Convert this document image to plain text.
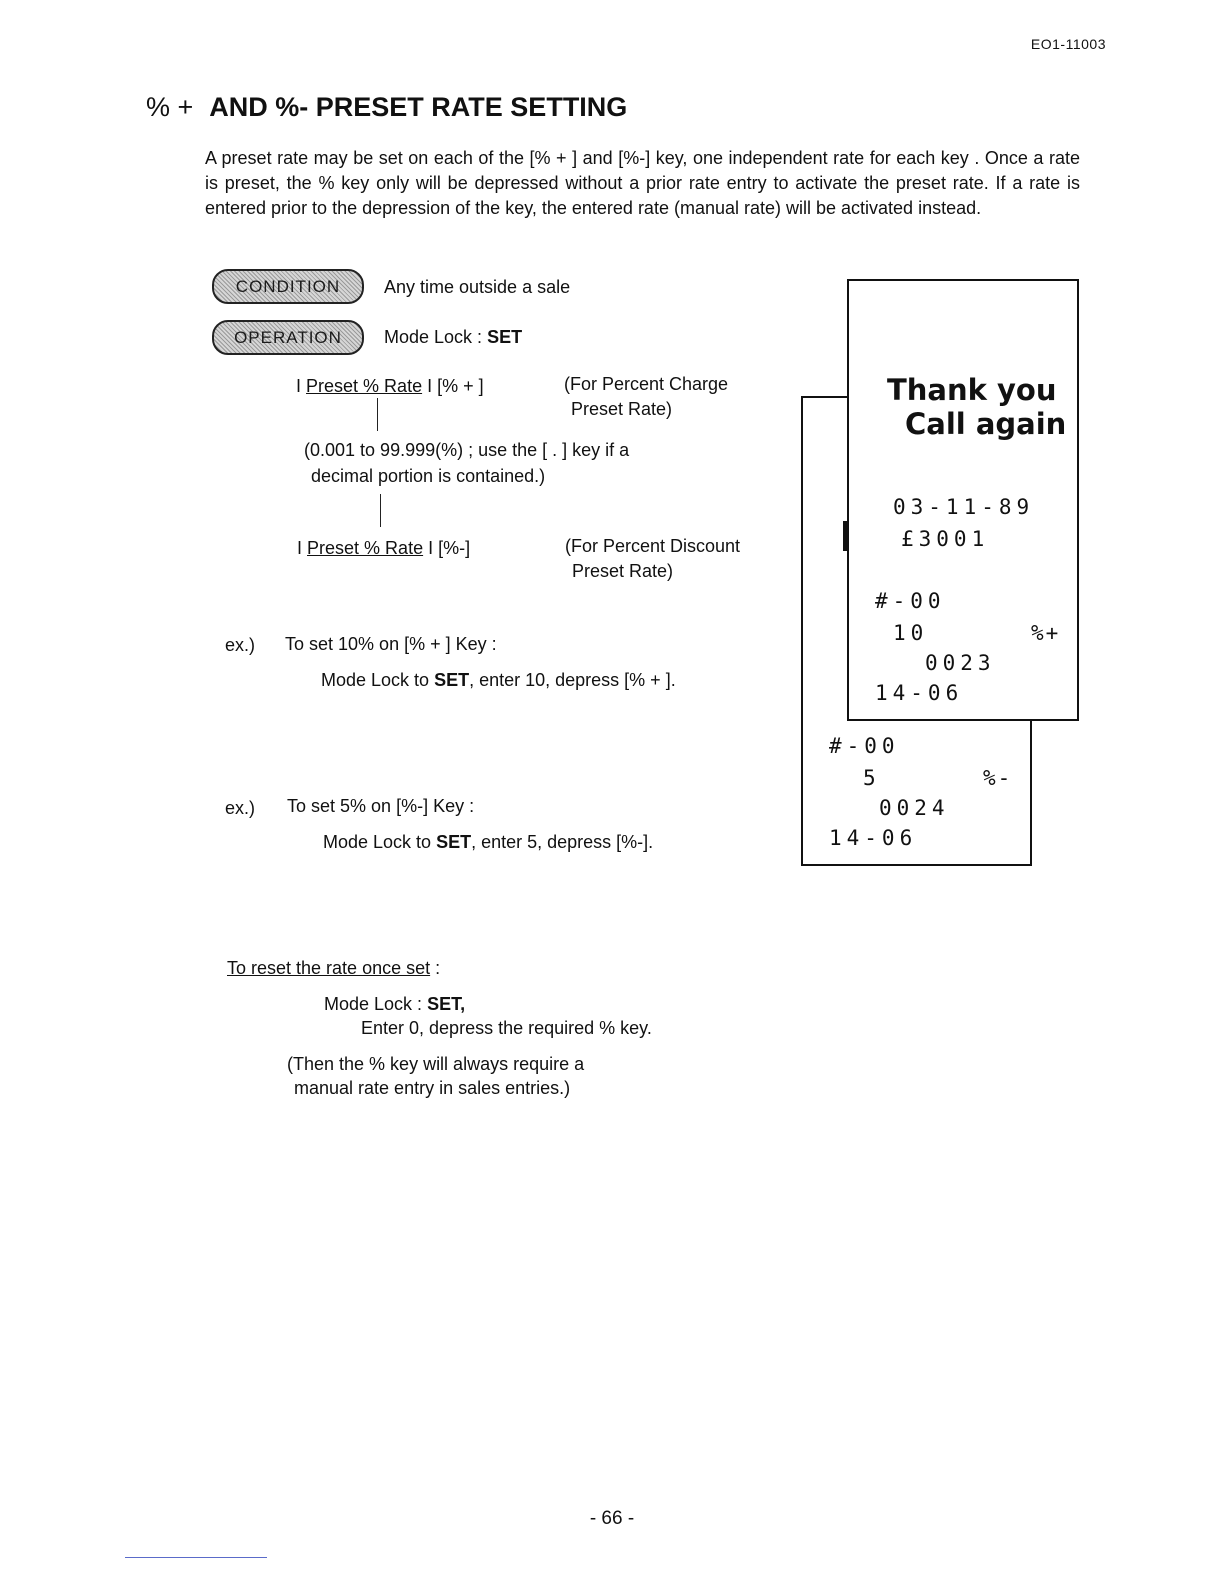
EO1-11003
% + AND %- PRESET RATE SETTING
A preset rate may be set on each of the [% + ] and [%-] key, one independent rate for each key . Once a rate is preset, the % key only will be depressed without a prior rate entry to activate the preset rate. If a rate is entered prior to the depression of the key, the entered rate (manual rate) will be activated instead.
CONDITION	Any time outside a sale
OPERATION	Mode Lock : SET
I Preset % Rate I [% + ]	(For Percent Charge
Preset Rate)
(0.001 to 99.999(%) ; use the [ . ] key if a
decimal portion is contained.)
I Preset % Rate I [%-]	(For Percent Discount
Preset Rate)
ex.) To set 10% on [% + ] Key :
Mode Lock to SET, enter 10, depress [% + ].
ex.) To set 5% on [%-] Key :
Mode Lock to SET, enter 5, depress [%-].
To reset the rate once set :
Mode Lock : SET,
Enter 0, depress the required % key.
(Then the % key will always require a
manual rate entry in sales entries.)
#-00
5	%-
0024
14-06
Thank you
Call again
03-11-89
£3001
#-00
10	%+
0023
14-06
- 66 -
